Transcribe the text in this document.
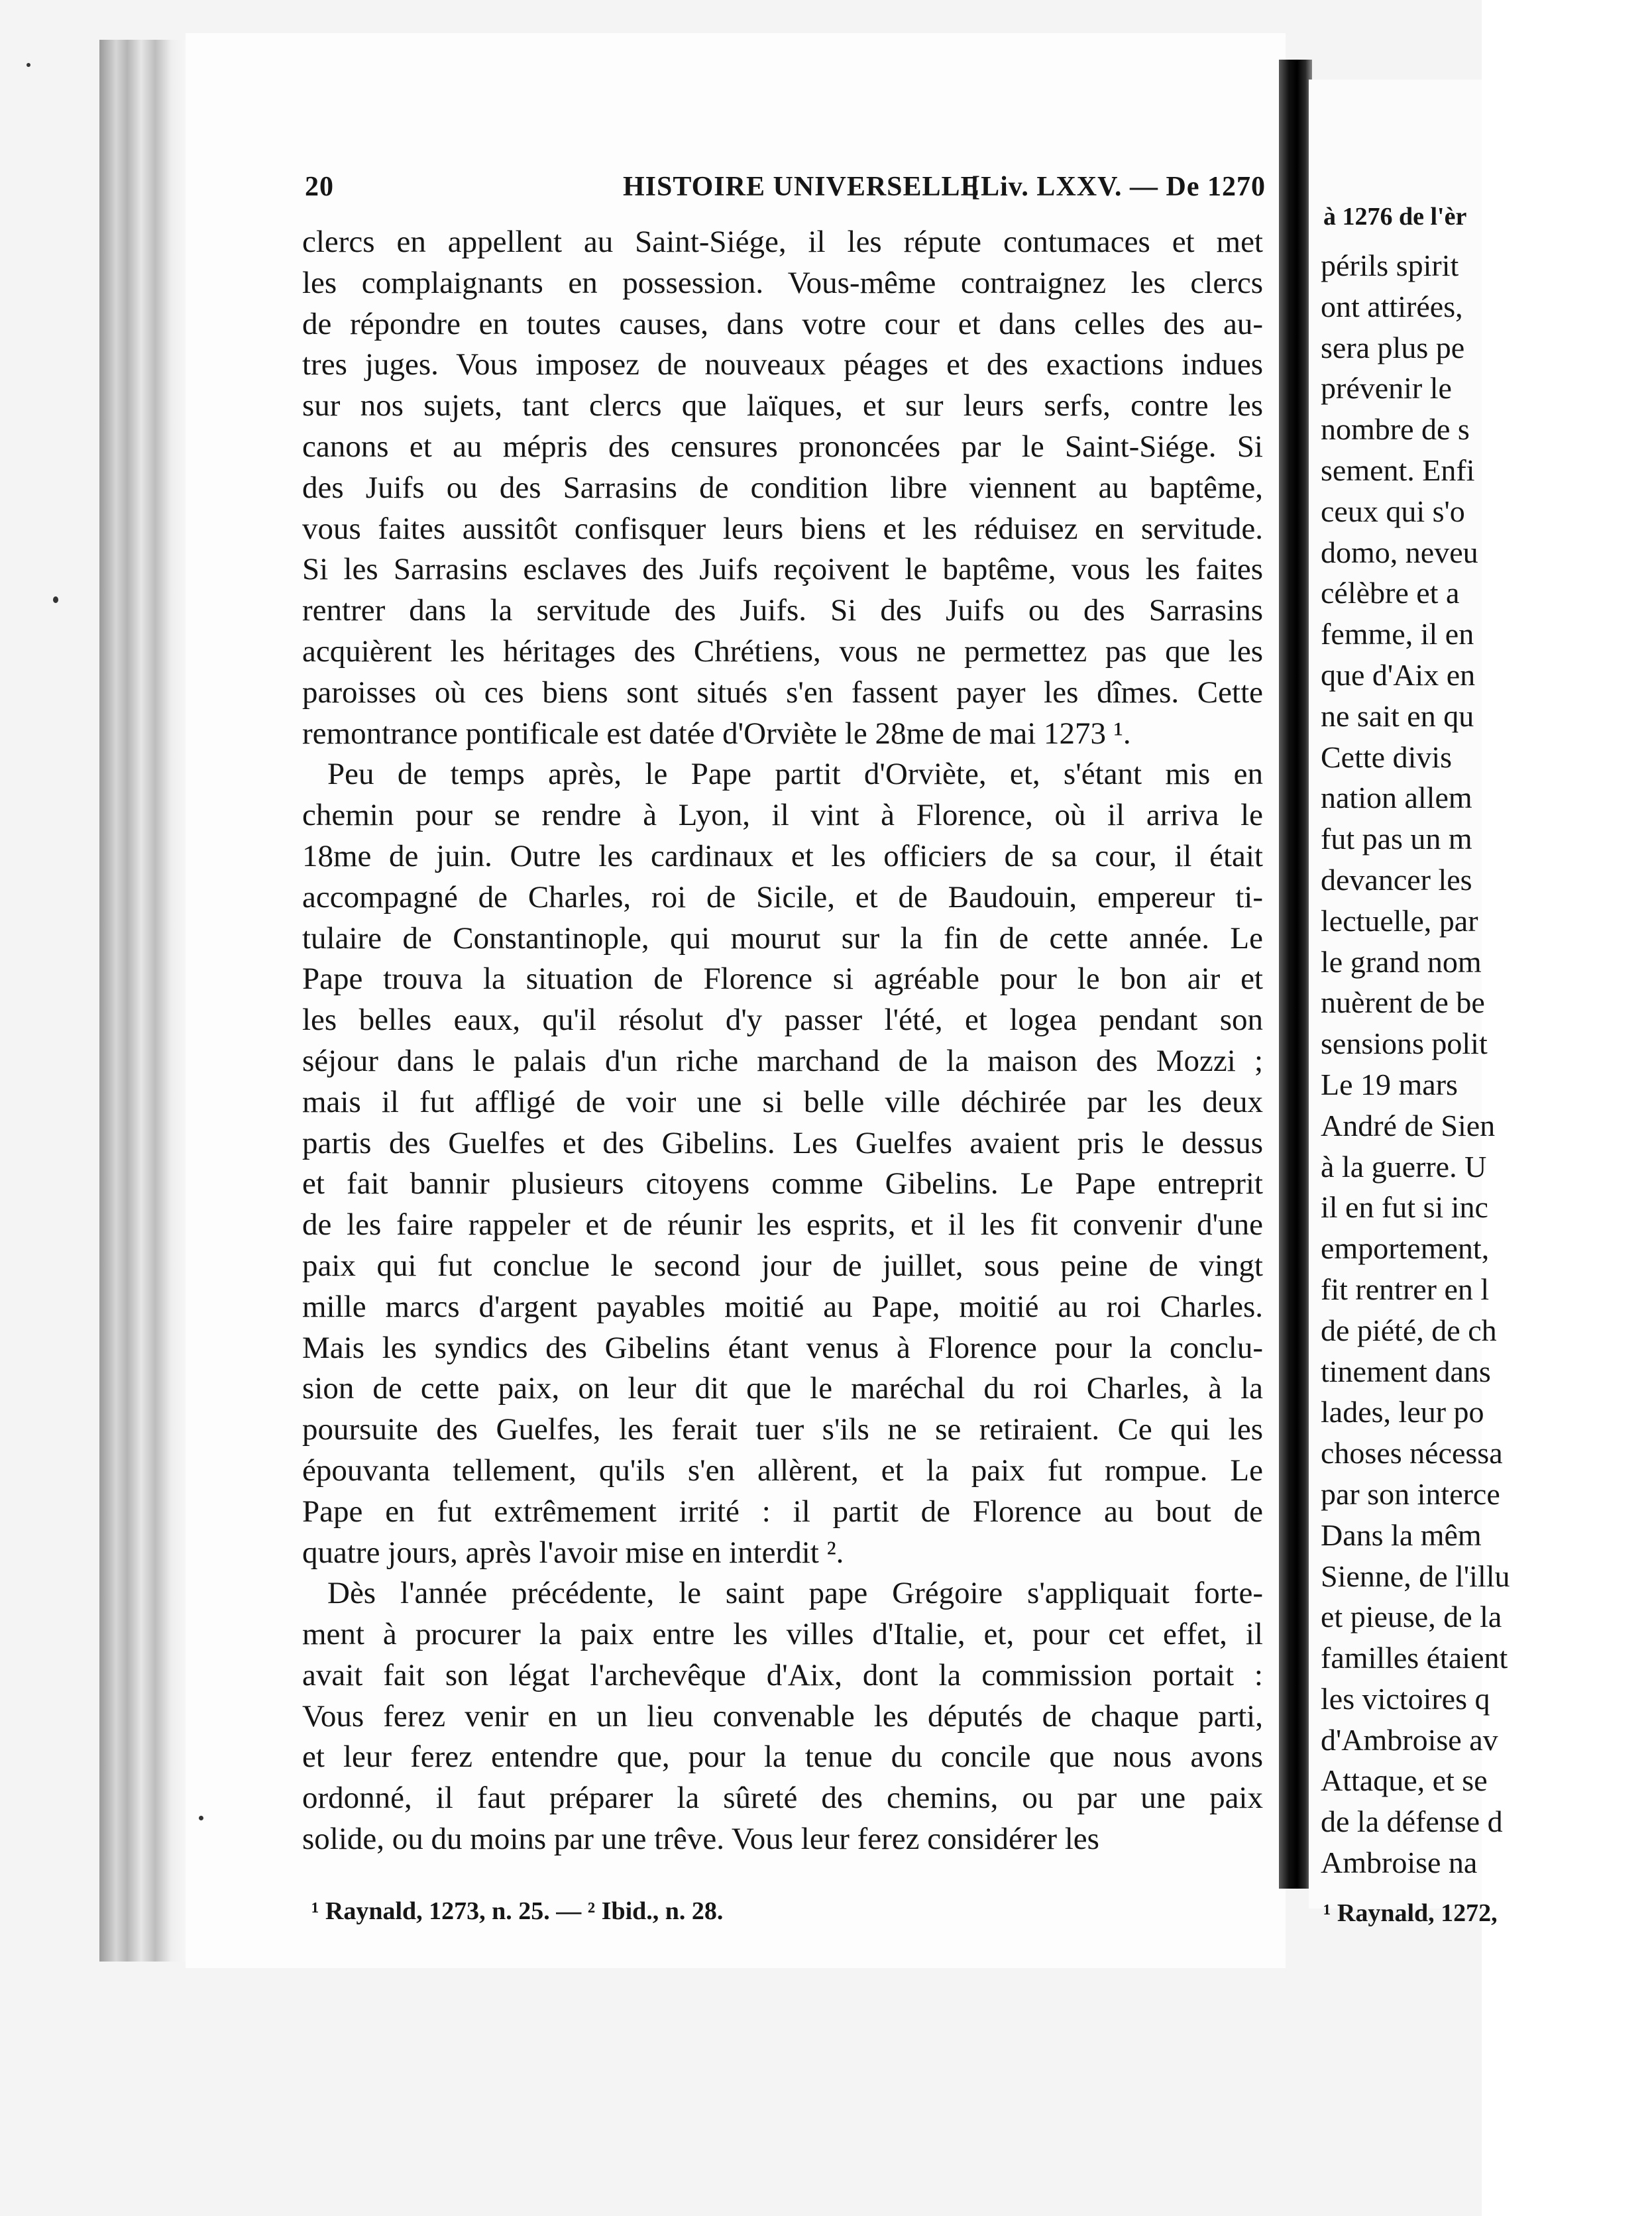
à 1276 de l'èr
périls spirit
ont attirées,
sera plus pe
prévenir le
nombre de s
sement. Enfi
ceux qui s'o
domo, neveu
célèbre et a
femme, il en
que d'Aix en
ne sait en qu
Cette divis
nation allem
fut pas un m
devancer les
lectuelle, par
le grand nom
nuèrent de be
sensions polit
Le 19 mars
André de Sien
à la guerre. U
il en fut si inc
emportement,
fit rentrer en l
de piété, de ch
tinement dans
lades, leur po
choses nécessa
par son interce
Dans la mêm
Sienne, de l'illu
et pieuse, de la
familles étaient
les victoires q
d'Ambroise av
Attaque, et se
de la défense d
Ambroise na
¹ Raynald, 1272,
20	HISTOIRE UNIVERSELLE
[Liv. LXXV. — De 1270
clercs en appellent au Saint-Siége, il les répute contumaces et met
les complaignants en possession. Vous-même contraignez les clercs
de répondre en toutes causes, dans votre cour et dans celles des au-
tres juges. Vous imposez de nouveaux péages et des exactions indues
sur nos sujets, tant clercs que laïques, et sur leurs serfs, contre les
canons et au mépris des censures prononcées par le Saint-Siége. Si
des Juifs ou des Sarrasins de condition libre viennent au baptême,
vous faites aussitôt confisquer leurs biens et les réduisez en servitude.
Si les Sarrasins esclaves des Juifs reçoivent le baptême, vous les faites
rentrer dans la servitude des Juifs. Si des Juifs ou des Sarrasins
acquièrent les héritages des Chrétiens, vous ne permettez pas que les
paroisses où ces biens sont situés s'en fassent payer les dîmes. Cette
remontrance pontificale est datée d'Orviète le 28me de mai 1273 ¹.
Peu de temps après, le Pape partit d'Orviète, et, s'étant mis en
chemin pour se rendre à Lyon, il vint à Florence, où il arriva le
18me de juin. Outre les cardinaux et les officiers de sa cour, il était
accompagné de Charles, roi de Sicile, et de Baudouin, empereur ti-
tulaire de Constantinople, qui mourut sur la fin de cette année. Le
Pape trouva la situation de Florence si agréable pour le bon air et
les belles eaux, qu'il résolut d'y passer l'été, et logea pendant son
séjour dans le palais d'un riche marchand de la maison des Mozzi ;
mais il fut affligé de voir une si belle ville déchirée par les deux
partis des Guelfes et des Gibelins. Les Guelfes avaient pris le dessus
et fait bannir plusieurs citoyens comme Gibelins. Le Pape entreprit
de les faire rappeler et de réunir les esprits, et il les fit convenir d'une
paix qui fut conclue le second jour de juillet, sous peine de vingt
mille marcs d'argent payables moitié au Pape, moitié au roi Charles.
Mais les syndics des Gibelins étant venus à Florence pour la conclu-
sion de cette paix, on leur dit que le maréchal du roi Charles, à la
poursuite des Guelfes, les ferait tuer s'ils ne se retiraient. Ce qui les
épouvanta tellement, qu'ils s'en allèrent, et la paix fut rompue. Le
Pape en fut extrêmement irrité : il partit de Florence au bout de
quatre jours, après l'avoir mise en interdit ².
Dès l'année précédente, le saint pape Grégoire s'appliquait forte-
ment à procurer la paix entre les villes d'Italie, et, pour cet effet, il
avait fait son légat l'archevêque d'Aix, dont la commission portait :
Vous ferez venir en un lieu convenable les députés de chaque parti,
et leur ferez entendre que, pour la tenue du concile que nous avons
ordonné, il faut préparer la sûreté des chemins, ou par une paix
solide, ou du moins par une trêve. Vous leur ferez considérer les
¹ Raynald, 1273, n. 25. — ² Ibid., n. 28.
